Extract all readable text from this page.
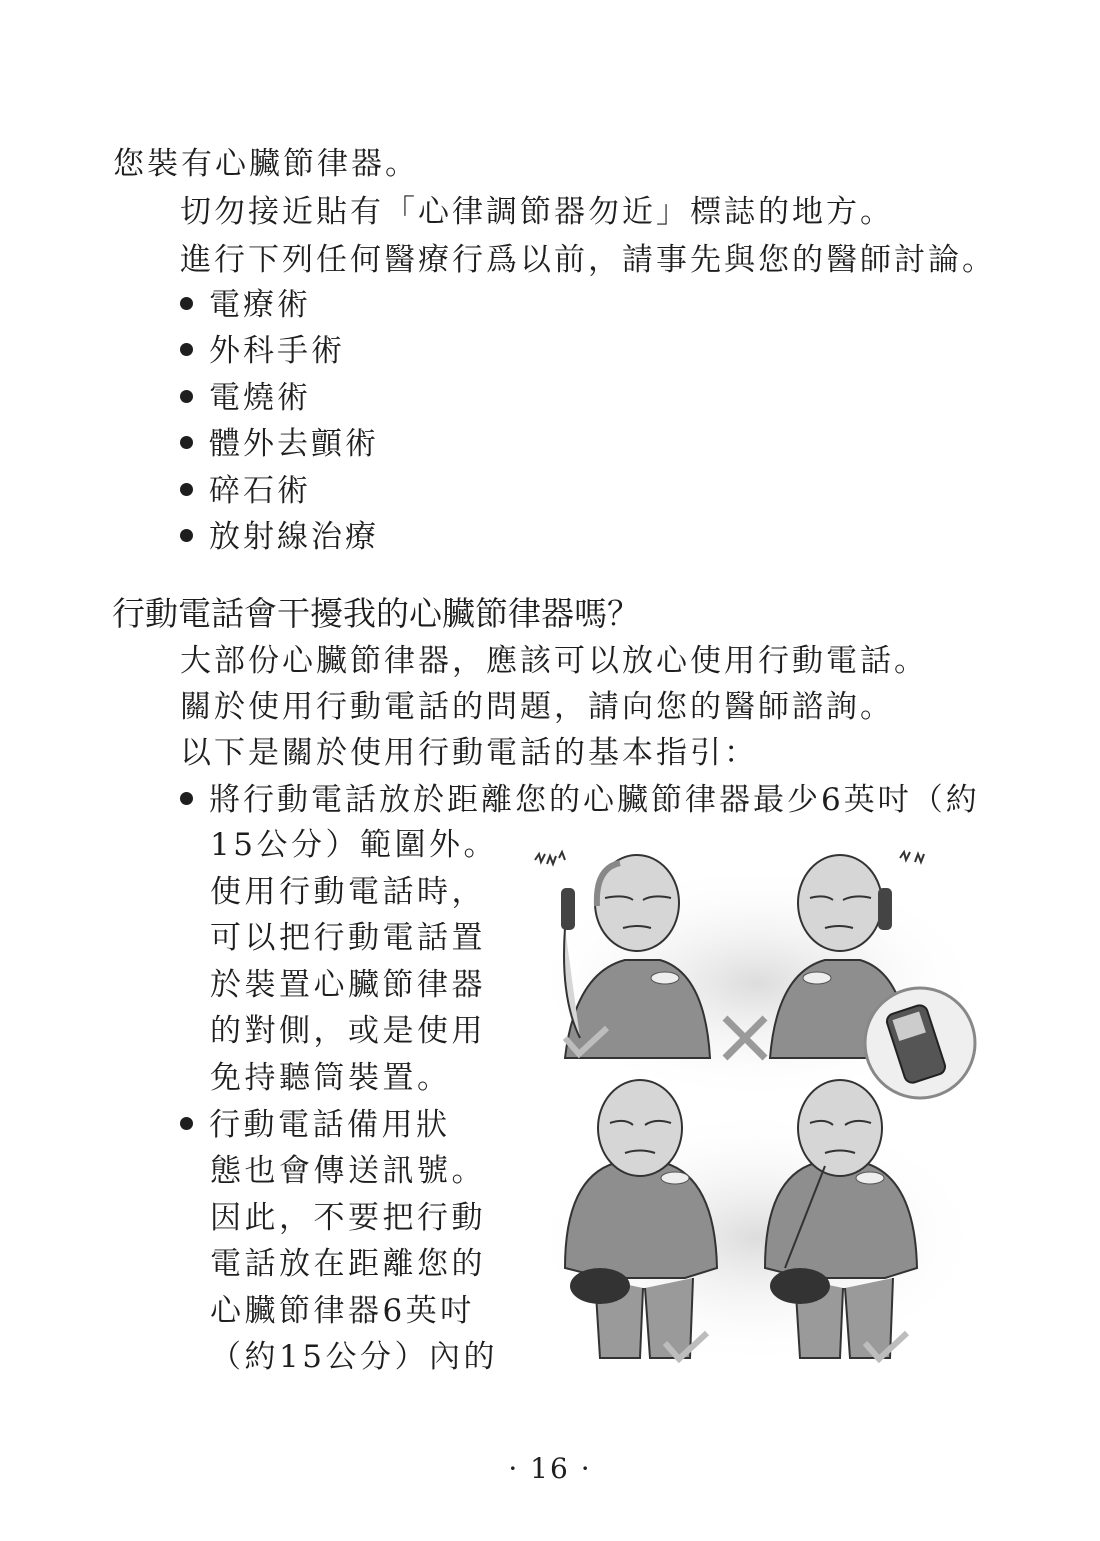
您裝有心臟節律器。
切勿接近貼有「心律調節器勿近」標誌的地方。
進行下列任何醫療行爲以前，請事先與您的醫師討論。
電療術
外科手術
電燒術
體外去顫術
碎石術
放射線治療
行動電話會干擾我的心臟節律器嗎？
大部份心臟節律器，應該可以放心使用行動電話。
關於使用行動電話的問題，請向您的醫師諮詢。
以下是關於使用行動電話的基本指引：
將行動電話放於距離您的心臟節律器最少6英吋（約
15公分）範圍外。
使用行動電話時，
可以把行動電話置
於裝置心臟節律器
的對側，或是使用
免持聽筒裝置。
行動電話備用狀
態也會傳送訊號。
因此，不要把行動
電話放在距離您的
心臟節律器6英吋
（約15公分）內的
· 16 ·
